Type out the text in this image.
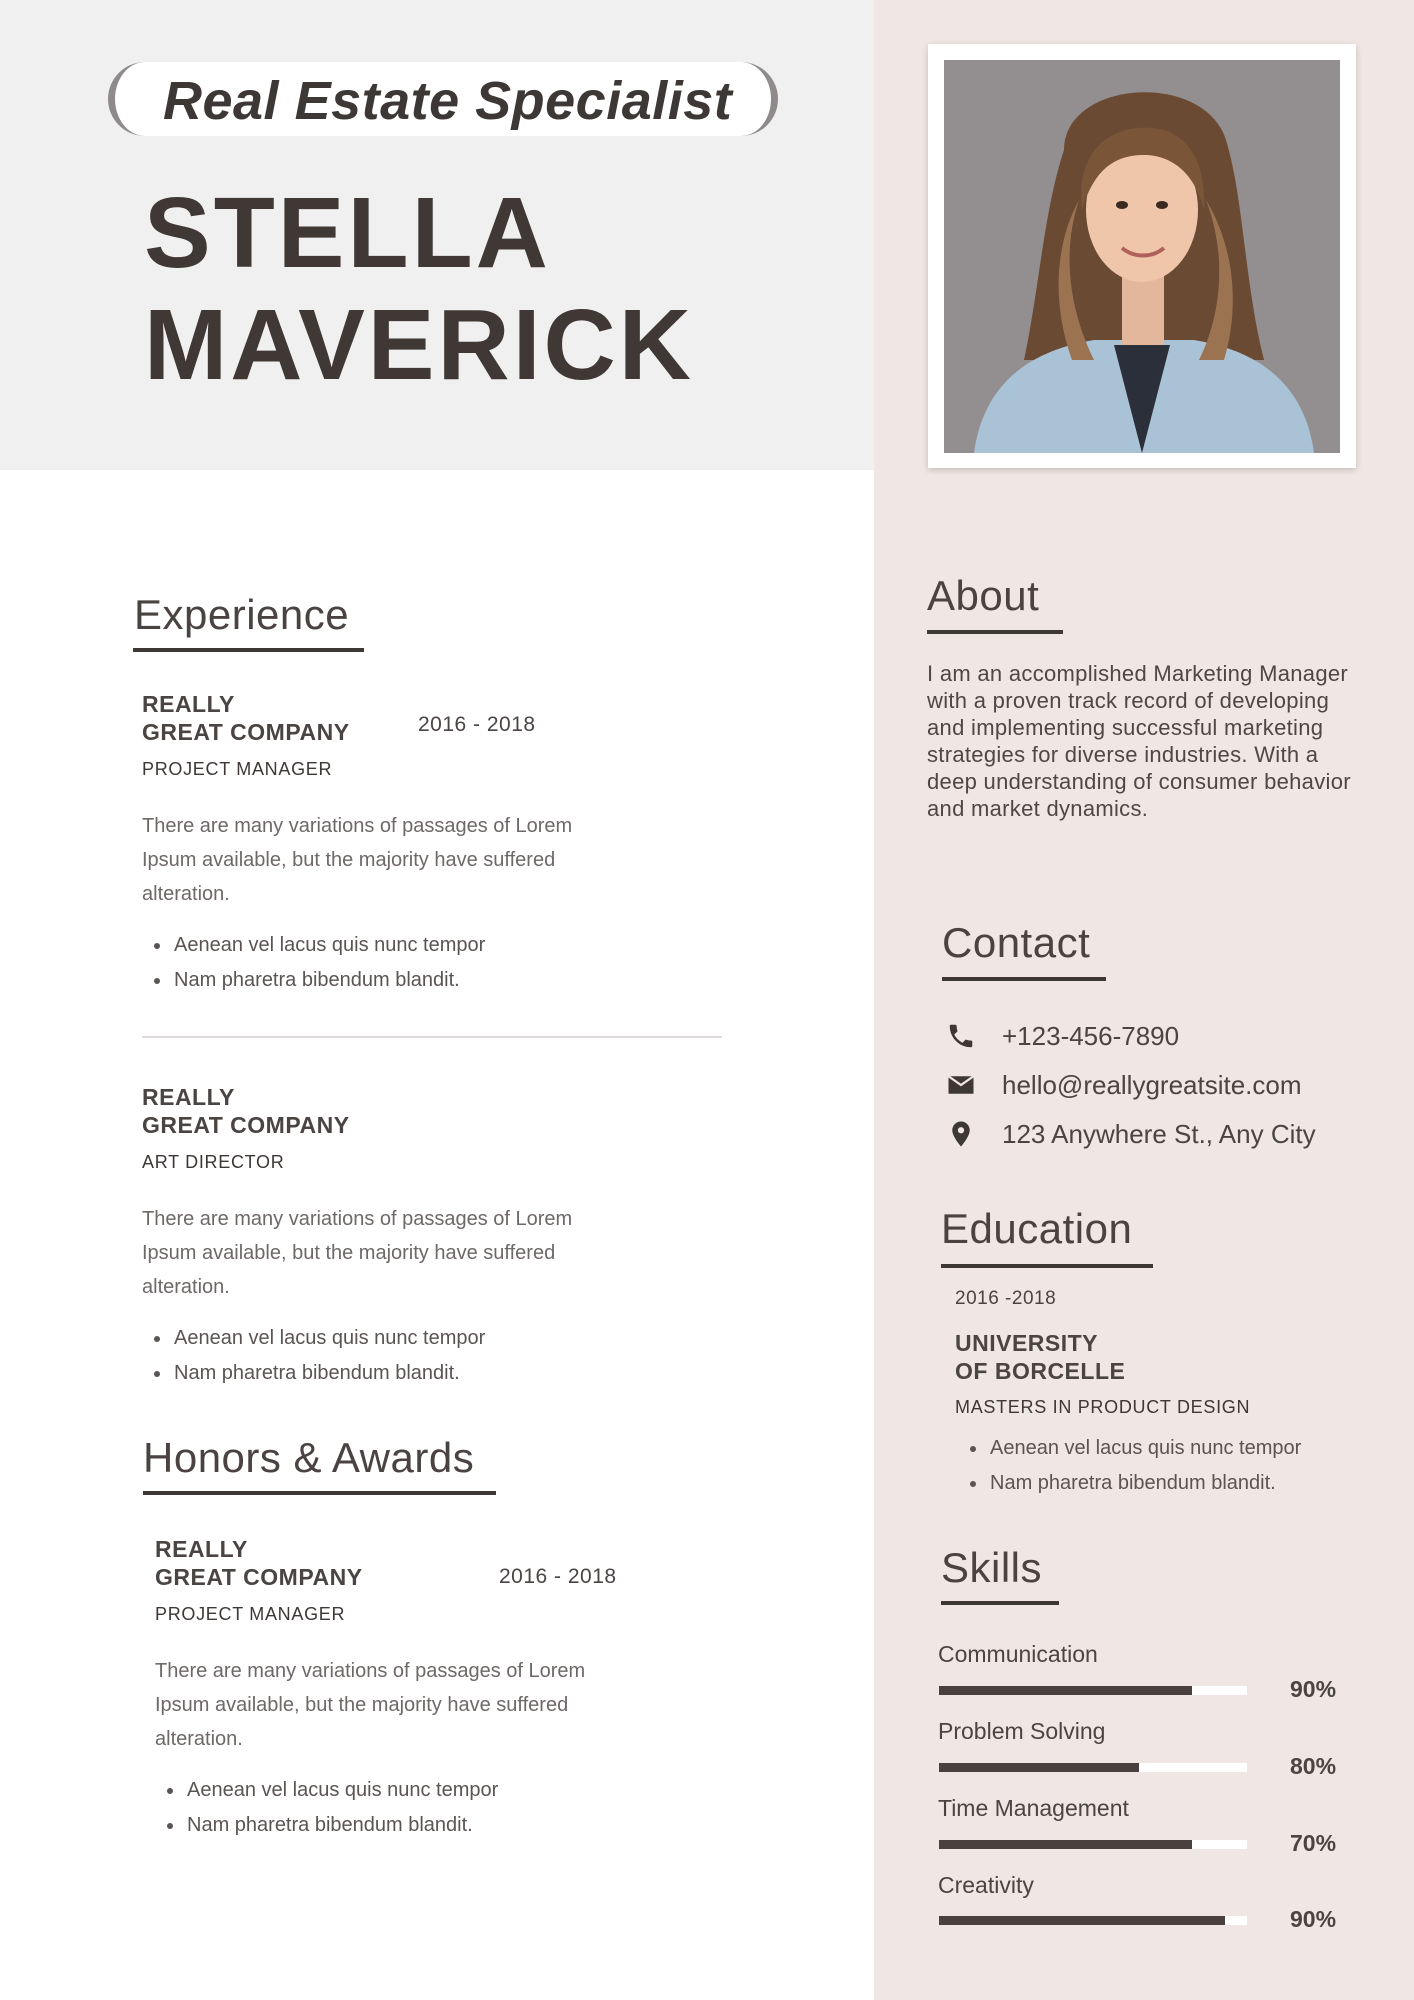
Real Estate Specialist
STELLA
MAVERICK
Experience
REALLY
GREAT COMPANY	2016 - 2018
PROJECT MANAGER
There are many variations of passages of Lorem Ipsum available, but the majority have suffered alteration.
• Aenean vel lacus quis nunc tempor
• Nam pharetra bibendum blandit.
REALLY
GREAT COMPANY
ART DIRECTOR
There are many variations of passages of Lorem Ipsum available, but the majority have suffered alteration.
• Aenean vel lacus quis nunc tempor
• Nam pharetra bibendum blandit.
Honors & Awards
REALLY
GREAT COMPANY	2016 - 2018
PROJECT MANAGER
There are many variations of passages of Lorem Ipsum available, but the majority have suffered alteration.
• Aenean vel lacus quis nunc tempor
• Nam pharetra bibendum blandit.
About
I am an accomplished Marketing Manager with a proven track record of developing and implementing successful marketing strategies for diverse industries. With a deep understanding of consumer behavior and market dynamics.
Contact
+123-456-7890
hello@reallygreatsite.com
123 Anywhere St., Any City
Education
2016 -2018
UNIVERSITY
OF BORCELLE
MASTERS IN PRODUCT DESIGN
• Aenean vel lacus quis nunc tempor
• Nam pharetra bibendum blandit.
Skills
Communication
90%
Problem Solving
80%
Time Management
70%
Creativity
90%
